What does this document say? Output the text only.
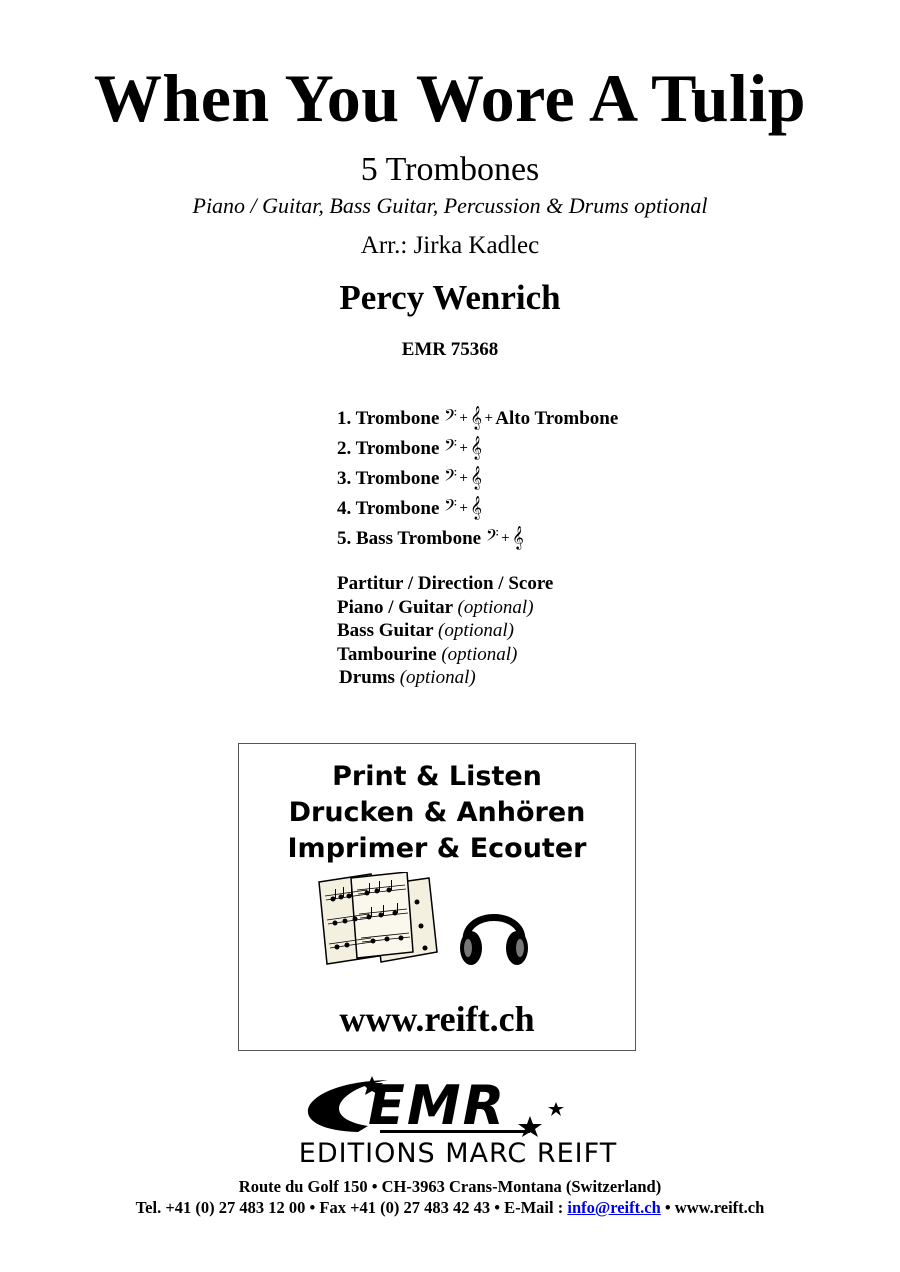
When You Wore A Tulip
5 Trombones
Piano / Guitar, Bass Guitar, Percussion & Drums optional
Arr.: Jirka Kadlec
Percy Wenrich
EMR 75368
1. Trombone 𝄢 + 𝄞 + Alto Trombone
2. Trombone 𝄢 + 𝄞
3. Trombone 𝄢 + 𝄞
4. Trombone 𝄢 + 𝄞
5. Bass Trombone 𝄢 + 𝄞
Partitur / Direction / Score
Piano / Guitar (optional)
Bass Guitar (optional)
Tambourine (optional)
Drums (optional)
Print & Listen
Drucken & Anhören
Imprimer & Ecouter
www.reift.ch
EMR
EDITIONS MARC REIFT
Route du Golf 150 • CH-3963 Crans-Montana (Switzerland)
Tel. +41 (0) 27 483 12 00 • Fax +41 (0) 27 483 42 43 • E-Mail : info@reift.ch • www.reift.ch
